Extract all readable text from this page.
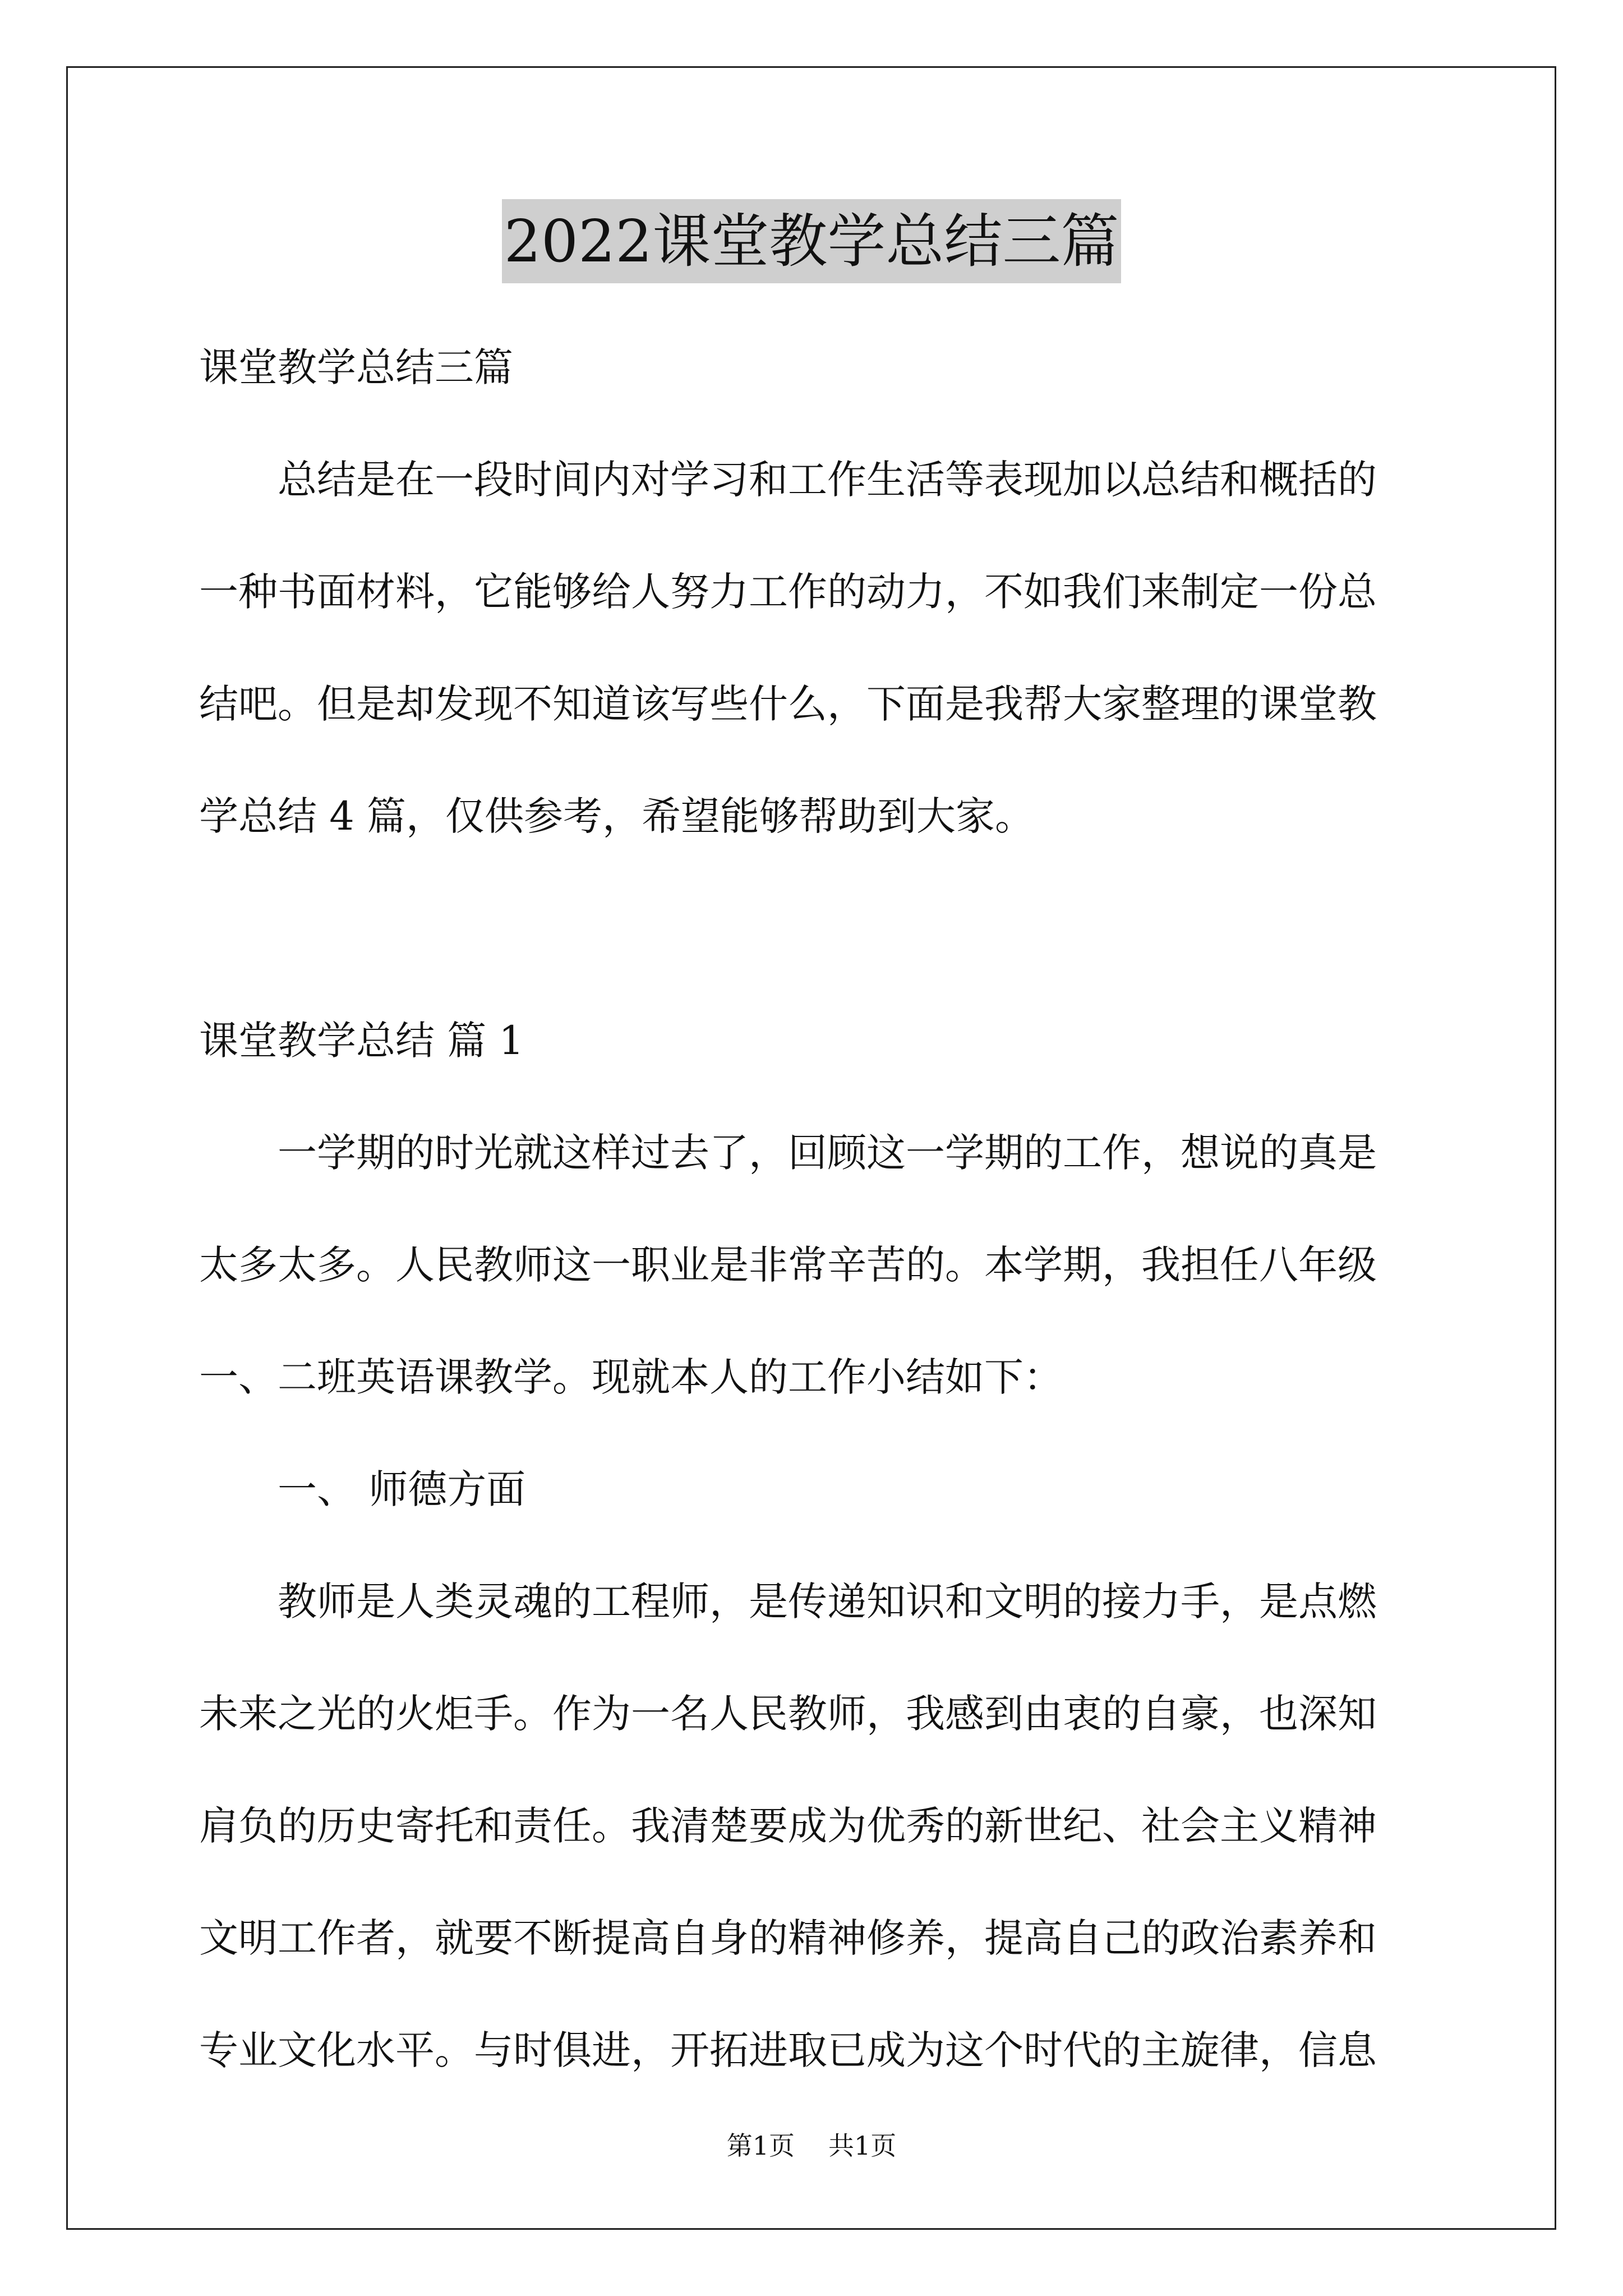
2022课堂教学总结三篇
课堂教学总结三篇
总结是在一段时间内对学习和工作生活等表现加以总结和概括的
一种书面材料，它能够给人努力工作的动力，不如我们来制定一份总
结吧。但是却发现不知道该写些什么，下面是我帮大家整理的课堂教
学总结 4 篇，仅供参考，希望能够帮助到大家。
课堂教学总结 篇 1
一学期的时光就这样过去了，回顾这一学期的工作，想说的真是
太多太多。人民教师这一职业是非常辛苦的。本学期，我担任八年级
一、二班英语课教学。现就本人的工作小结如下：
一、 师德方面
教师是人类灵魂的工程师，是传递知识和文明的接力手，是点燃
未来之光的火炬手。作为一名人民教师，我感到由衷的自豪，也深知
肩负的历史寄托和责任。我清楚要成为优秀的新世纪、社会主义精神
文明工作者，就要不断提高自身的精神修养，提高自己的政治素养和
专业文化水平。与时俱进，开拓进取已成为这个时代的主旋律，信息
第1页 共1页
